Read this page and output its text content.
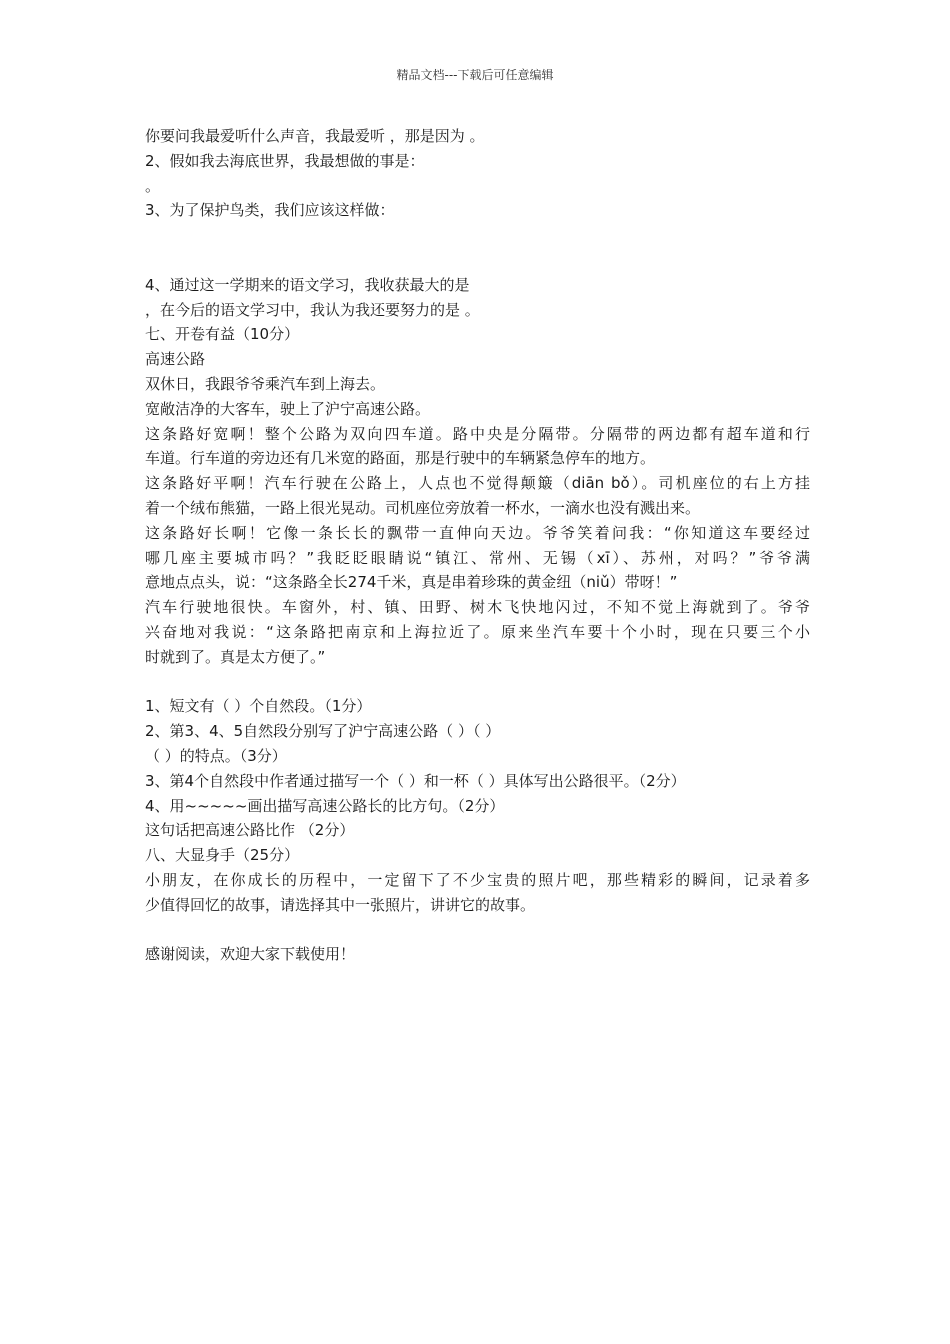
精品文档---下载后可任意编辑
你要问我最爱听什么声音，我最爱听 ，那是因为 。
2、假如我去海底世界，我最想做的事是：
。
3、为了保护鸟类，我们应该这样做：
4、通过这一学期来的语文学习，我收获最大的是
，在今后的语文学习中，我认为我还要努力的是 。
七、开卷有益（10分）
高速公路
双休日，我跟爷爷乘汽车到上海去。
宽敞洁净的大客车，驶上了沪宁高速公路。
这条路好宽啊！整个公路为双向四车道。路中央是分隔带。分隔带的两边都有超车道和行
车道。行车道的旁边还有几米宽的路面，那是行驶中的车辆紧急停车的地方。
这条路好平啊！汽车行驶在公路上，人点也不觉得颠簸（diān bǒ）。司机座位的右上方挂
着一个绒布熊猫，一路上很光晃动。司机座位旁放着一杯水，一滴水也没有溅出来。
这条路好长啊！它像一条长长的飘带一直伸向天边。爷爷笑着问我：“你知道这车要经过
哪几座主要城市吗？”我眨眨眼睛说“镇江、常州、无锡（xī）、苏州，对吗？”爷爷满
意地点点头，说：“这条路全长274千米，真是串着珍珠的黄金纽（niǔ）带呀！”
汽车行驶地很快。车窗外，村、镇、田野、树木飞快地闪过，不知不觉上海就到了。爷爷
兴奋地对我说：“这条路把南京和上海拉近了。原来坐汽车要十个小时，现在只要三个小
时就到了。真是太方便了。”
1、短文有（ ）个自然段。（1分）
2、第3、4、5自然段分别写了沪宁高速公路（ ）（ ）
（ ）的特点。（3分）
3、第4个自然段中作者通过描写一个（ ）和一杯（ ）具体写出公路很平。（2分）
4、用~~~~~画出描写高速公路长的比方句。（2分）
这句话把高速公路比作 （2分）
八、大显身手（25分）
小朋友，在你成长的历程中，一定留下了不少宝贵的照片吧，那些精彩的瞬间，记录着多
少值得回忆的故事，请选择其中一张照片，讲讲它的故事。
感谢阅读，欢迎大家下载使用！
